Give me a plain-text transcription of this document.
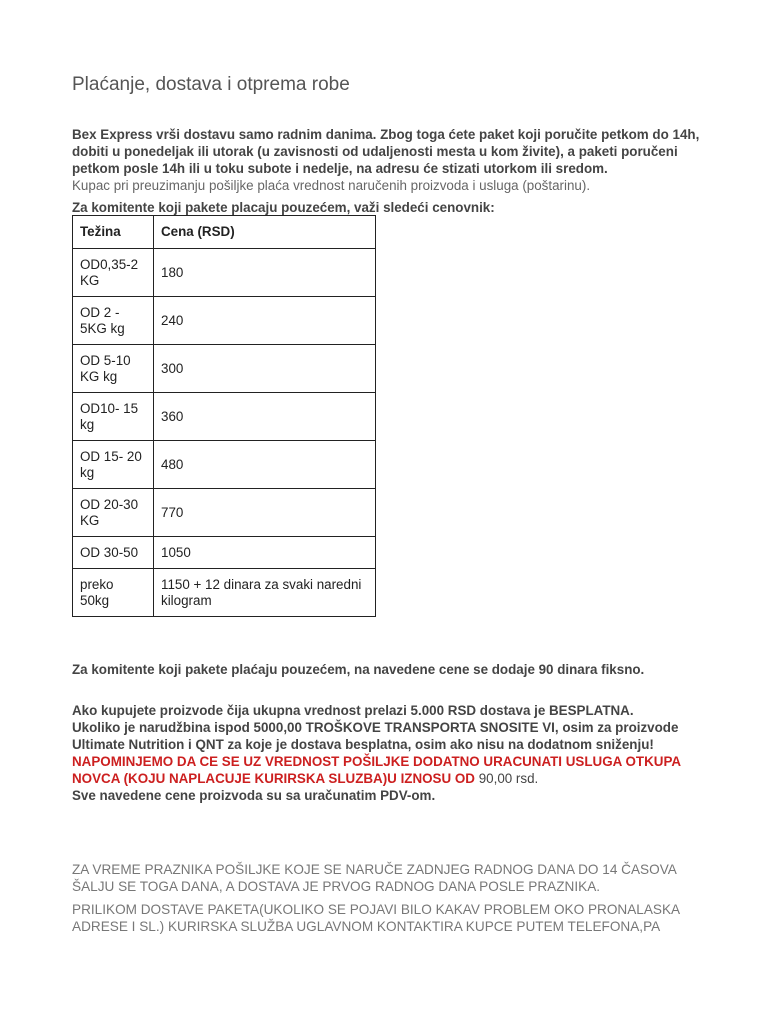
Plaćanje, dostava i otprema robe
Bex Express vrši dostavu samo radnim danima. Zbog toga ćete paket koji poručite petkom do 14h, dobiti u ponedeljak ili utorak (u zavisnosti od udaljenosti mesta u kom živite), a paketi poručeni petkom posle 14h ili u toku subote i nedelje, na adresu će stizati utorkom ili sredom.
Kupac pri preuzimanju pošiljke plaća vrednost naručenih proizvoda i usluga (poštarinu).
Za komitente koji pakete placaju pouzećem, važi sledeći cenovnik:
Težina	Cena (RSD)
OD0,35-2 KG	180
OD 2 - 5KG kg	240
OD 5-10 KG kg	300
OD10- 15 kg	360
OD 15- 20 kg	480
OD 20-30 KG	770
OD 30-50	1050
preko 50kg	1150 + 12 dinara za svaki naredni kilogram
Za komitente koji pakete plaćaju pouzećem, na navedene cene se dodaje 90 dinara fiksno.
Ako kupujete proizvode čija ukupna vrednost prelazi 5.000 RSD dostava je BESPLATNA.
Ukoliko je narudžbina ispod 5000,00 TROŠKOVE TRANSPORTA SNOSITE VI, osim za proizvode Ultimate Nutrition i QNT za koje je dostava besplatna, osim ako nisu na dodatnom sniženju!
NAPOMINJEMO DA CE SE UZ VREDNOST POŠILJKE DODATNO URACUNATI USLUGA OTKUPA NOVCA (KOJU NAPLACUJE KURIRSKA SLUZBA)U IZNOSU OD 90,00 rsd.
Sve navedene cene proizvoda su sa uračunatim PDV-om.
ZA VREME PRAZNIKA POŠILJKE KOJE SE NARUČE ZADNJEG RADNOG DANA DO 14 ČASOVA ŠALJU SE TOGA DANA, A DOSTAVA JE PRVOG RADNOG DANA POSLE PRAZNIKA.
PRILIKOM DOSTAVE PAKETA(UKOLIKO SE POJAVI BILO KAKAV PROBLEM OKO PRONALASKA ADRESE I SL.) KURIRSKA SLUŽBA UGLAVNOM KONTAKTIRA KUPCE PUTEM TELEFONA,PA
